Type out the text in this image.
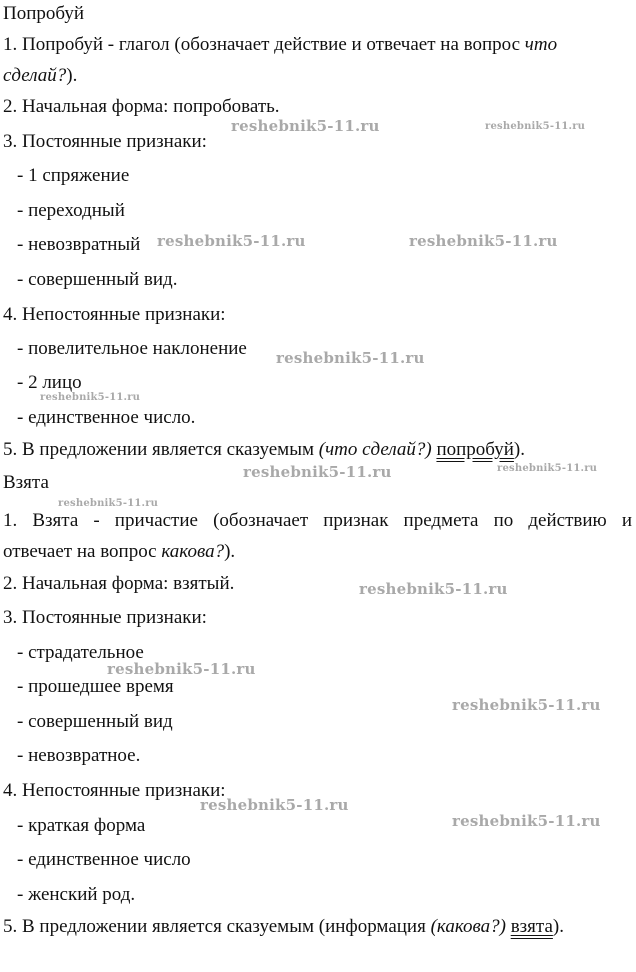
Попробуй
1. Попробуй - глагол (обозначает действие и отвечает на вопрос что
сделай?).
2. Начальная форма: попробовать.
3. Постоянные признаки:
- 1 спряжение
- переходный
- невозвратный
- совершенный вид.
4. Непостоянные признаки:
- повелительное наклонение
- 2 лицо
- единственное число.
5. В предложении является сказуемым (что сделай?) попробуй).
Взята
1. Взята - причастие (обозначает признак предмета по действию и
отвечает на вопрос какова?).
2. Начальная форма: взятый.
3. Постоянные признаки:
- страдательное
- прошедшее время
- совершенный вид
- невозвратное.
4. Непостоянные признаки:
- краткая форма
- единственное число
- женский род.
5. В предложении является сказуемым (информация (какова?) взята).
reshebnik5-11.ru	reshebnik5-11.ru
reshebnik5-11.ru	reshebnik5-11.ru
reshebnik5-11.ru
reshebnik5-11.ru
reshebnik5-11.ru	reshebnik5-11.ru
reshebnik5-11.ru
reshebnik5-11.ru
reshebnik5-11.ru
reshebnik5-11.ru
reshebnik5-11.ru
reshebnik5-11.ru
